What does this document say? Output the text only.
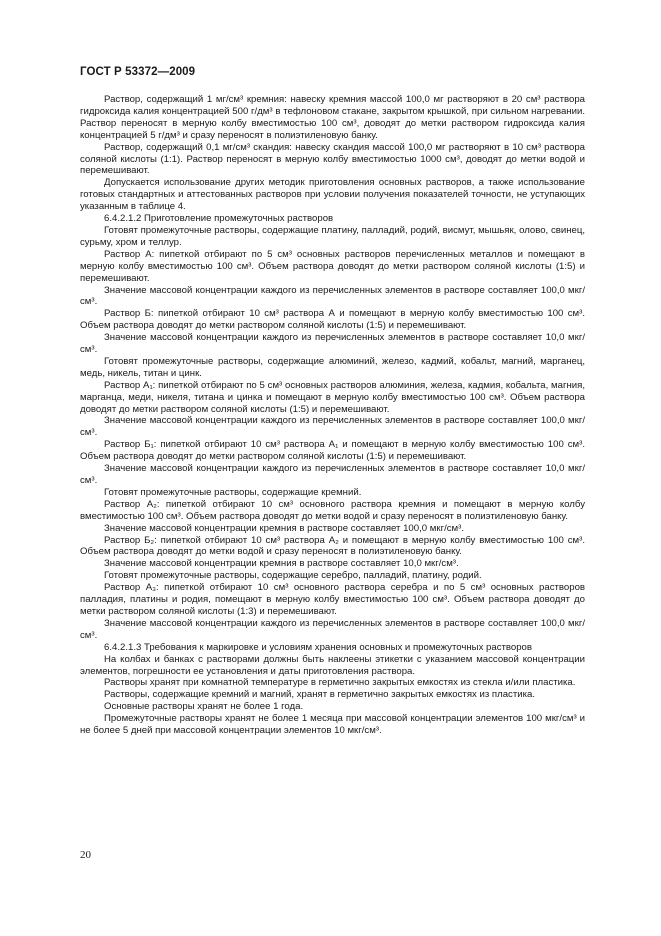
ГОСТ Р 53372—2009

Раствор, содержащий 1 мг/см³ кремния: навеску кремния массой 100,0 мг растворяют в 20 см³ раствора гидроксида калия концентрацией 500 г/дм³ в тефлоновом стакане, закрытом крышкой, при сильном нагревании. Раствор переносят в мерную колбу вместимостью 100 см³, доводят до метки раствором гидроксида калия концентрацией 5 г/дм³ и сразу переносят в полиэтиленовую банку.

Раствор, содержащий 0,1 мг/см³ скандия: навеску скандия массой 100,0 мг растворяют в 10 см³ раствора соляной кислоты (1:1). Раствор переносят в мерную колбу вместимостью 1000 см³, доводят до метки водой и перемешивают.

Допускается использование других методик приготовления основных растворов, а также использование готовых стандартных и аттестованных растворов при условии получения показателей точности, не уступающих указанным в таблице 4.

6.4.2.1.2 Приготовление промежуточных растворов

Готовят промежуточные растворы, содержащие платину, палладий, родий, висмут, мышьяк, олово, свинец, сурьму, хром и теллур.

Раствор А: пипеткой отбирают по 5 см³ основных растворов перечисленных металлов и помещают в мерную колбу вместимостью 100 см³. Объем раствора доводят до метки раствором соляной кислоты (1:5) и перемешивают.

Значение массовой концентрации каждого из перечисленных элементов в растворе составляет 100,0 мкг/см³.

Раствор Б: пипеткой отбирают 10 см³ раствора А и помещают в мерную колбу вместимостью 100 см³. Объем раствора доводят до метки раствором соляной кислоты (1:5) и перемешивают.

Значение массовой концентрации каждого из перечисленных элементов в растворе составляет 10,0 мкг/см³.

Готовят промежуточные растворы, содержащие алюминий, железо, кадмий, кобальт, магний, марганец, медь, никель, титан и цинк.

Раствор А₁: пипеткой отбирают по 5 см³ основных растворов алюминия, железа, кадмия, кобальта, магния, марганца, меди, никеля, титана и цинка и помещают в мерную колбу вместимостью 100 см³. Объем раствора доводят до метки раствором соляной кислоты (1:5) и перемешивают.

Значение массовой концентрации каждого из перечисленных элементов в растворе составляет 100,0 мкг/см³.

Раствор Б₁: пипеткой отбирают 10 см³ раствора А₁ и помещают в мерную колбу вместимостью 100 см³. Объем раствора доводят до метки раствором соляной кислоты (1:5) и перемешивают.

Значение массовой концентрации каждого из перечисленных элементов в растворе составляет 10,0 мкг/см³.

Готовят промежуточные растворы, содержащие кремний.

Раствор А₂: пипеткой отбирают 10 см³ основного раствора кремния и помещают в мерную колбу вместимостью 100 см³. Объем раствора доводят до метки водой и сразу переносят в полиэтиленовую банку.

Значение массовой концентрации кремния в растворе составляет 100,0 мкг/см³.

Раствор Б₂: пипеткой отбирают 10 см³ раствора А₂ и помещают в мерную колбу вместимостью 100 см³. Объем раствора доводят до метки водой и сразу переносят в полиэтиленовую банку.

Значение массовой концентрации кремния в растворе составляет 10,0 мкг/см³.

Готовят промежуточные растворы, содержащие серебро, палладий, платину, родий.

Раствор А₃: пипеткой отбирают 10 см³ основного раствора серебра и по 5 см³ основных растворов палладия, платины и родия, помещают в мерную колбу вместимостью 100 см³. Объем раствора доводят до метки раствором соляной кислоты (1:3) и перемешивают.

Значение массовой концентрации каждого из перечисленных элементов в растворе составляет 100,0 мкг/см³.

6.4.2.1.3 Требования к маркировке и условиям хранения основных и промежуточных растворов

На колбах и банках с растворами должны быть наклеены этикетки с указанием массовой концентрации элементов, погрешности ее установления и даты приготовления раствора.

Растворы хранят при комнатной температуре в герметично закрытых емкостях из стекла и/или пластика.

Растворы, содержащие кремний и магний, хранят в герметично закрытых емкостях из пластика.

Основные растворы хранят не более 1 года.

Промежуточные растворы хранят не более 1 месяца при массовой концентрации элементов 100 мкг/см³ и не более 5 дней при массовой концентрации элементов 10 мкг/см³.

20
